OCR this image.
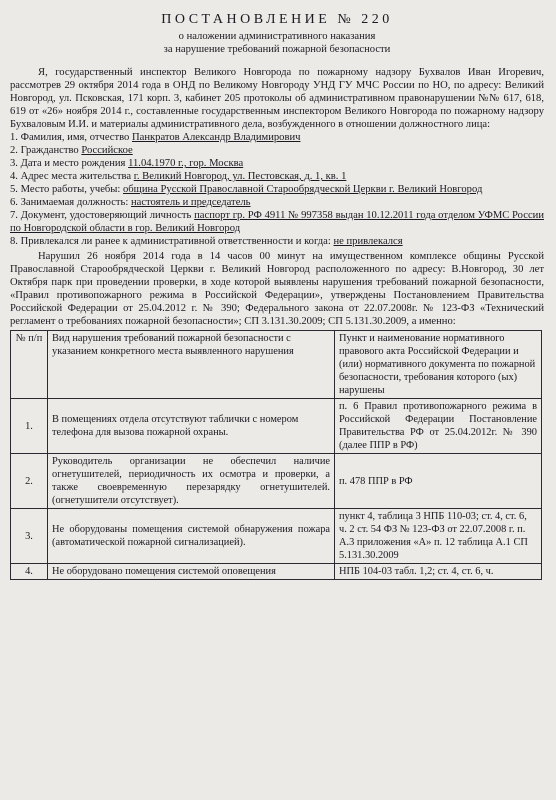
ПОСТАНОВЛЕНИЕ № 220
о наложении административного наказания
за нарушение требований пожарной безопасности
Я, государственный инспектор Великого Новгорода по пожарному надзору Бухвалов Иван Игоревич, рассмотрев 29 октября 2014 года в ОНД по Великому Новгороду УНД ГУ МЧС России по НО, по адресу: Великий Новгород, ул. Псковская, 171 корп. 3, кабинет 205 протоколы об административном правонарушении №№ 617, 618, 619 от «26» ноября 2014 г., составленные государственным инспектором Великого Новгорода по пожарному надзору Бухваловым И.И. и материалы административного дела, возбужденного в отношении должностного лица:
1. Фамилия, имя, отчество Панкратов Александр Владимирович
2. Гражданство Российское
3. Дата и место рождения 11.04.1970 г., гор. Москва
4. Адрес места жительства г. Великий Новгород, ул. Пестовская, д. 1, кв. 1
5. Место работы, учебы: община Русской Православной Старообрядческой Церкви г. Великий Новгород
6. Занимаемая должность: настоятель и председатель
7. Документ, удостоверяющий личность паспорт гр. РФ 4911 № 997358 выдан 10.12.2011 года отделом УФМС России по Новгородской области в гор. Великий Новгород
8. Привлекался ли ранее к административной ответственности и когда: не привлекался
Нарушил 26 ноября 2014 года в 14 часов 00 минут на имущественном комплексе общины Русской Православной Старообрядческой Церкви г. Великий Новгород расположенного по адресу: В.Новгород, 30 лет Октября парк при проведении проверки, в ходе которой выявлены нарушения требований пожарной безопасности, «Правил противопожарного режима в Российской Федерации», утверждены Постановлением Правительства Российской Федерации от 25.04.2012 г. № 390; Федерального закона от 22.07.2008г. № 123-ФЗ «Технический регламент о требованиях пожарной безопасности»; СП 3.131.30.2009; СП 5.131.30.2009, а именно:
№ п/п	Вид нарушения требований пожарной безопасности с указанием конкретного места выявленного нарушения	Пункт и наименование нормативного правового акта Российской Федерации и (или) нормативного документа по пожарной безопасности, требования которого (ых) нарушены
1.	В помещениях отдела отсутствуют таблички с номером телефона для вызова пожарной охраны.	п. 6 Правил противопожарного режима в Российской Федерации Постановление Правительства РФ от 25.04.2012г. № 390 (далее ППР в РФ)
2.	Руководитель организации не обеспечил наличие огнетушителей, периодичность их осмотра и проверки, а также своевременную перезарядку огнетушителей. (огнетушители отсутствует).	п. 478 ППР в РФ
3.	Не оборудованы помещения системой обнаружения пожара (автоматической пожарной сигнализацией).	пункт 4, таблица 3 НПБ 110-03; ст. 4, ст. 6, ч. 2 ст. 54 ФЗ № 123-ФЗ от 22.07.2008 г. п. А.3 приложения «А» п. 12 таблица А.1 СП 5.131.30.2009
4.	Не оборудовано помещения системой оповещения	НПБ 104-03 табл. 1,2; ст. 4, ст. 6, ч.
